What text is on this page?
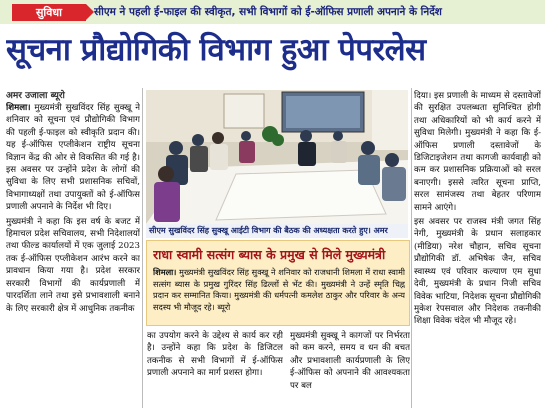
सुविधा	सीएम ने पहली ई-फाइल की स्वीकृत, सभी विभागों को ई-ऑफिस प्रणाली अपनाने के निर्देश
सूचना प्रौद्योगिकी विभाग हुआ पेपरलेस
अमर उजाला ब्यूरो

शिमला। मुख्यमंत्री सुखविंदर सिंह सुक्खू ने शनिवार को सूचना एवं प्रौद्योगिकी विभाग की पहली ई-फाइल को स्वीकृति प्रदान की। यह ई-ऑफिस एप्लीकेशन राष्ट्रीय सूचना विज्ञान केंद्र की ओर से विकसित की गई है। इस अवसर पर उन्होंने प्रदेश के लोगों की सुविधा के लिए सभी प्रशासनिक सचिवों, विभागाध्यक्षों तथा उपायुक्तों को ई-ऑफिस प्रणाली अपनाने के निर्देश भी दिए।

मुख्यमंत्री ने कहा कि इस वर्ष के बजट में हिमाचल प्रदेश सचिवालय, सभी निदेशालयों तथा फील्ड कार्यालयों में एक जुलाई 2023 तक ई-ऑफिस एप्लीकेशन आरंभ करने का प्रावधान किया गया है। प्रदेश सरकार सरकारी विभागों की कार्यप्रणाली में पारदर्शिता लाने तथा इसे प्रभावशाली बनाने के लिए सरकारी क्षेत्र में आधुनिक तकनीक

सीएम सुखविंदर सिंह सुक्खू आईटी विभाग की बैठक की अध्यक्षता करते हुए। अमर
राधा स्वामी सत्संग ब्यास के प्रमुख से मिले मुख्यमंत्री
शिमला। मुख्यमंत्री सुखविंदर सिंह सुक्खू ने शनिवार को राजधानी शिमला में राधा स्वामी सत्संग ब्यास के प्रमुख गुरिंदर सिंह ढिल्लों से भेंट की। मुख्यमंत्री ने उन्हें स्मृति चिह्न प्रदान कर सम्मानित किया। मुख्यमंत्री की धर्मपत्नी कमलेश ठाकुर और परिवार के अन्य सदस्य भी मौजूद रहे। ब्यूरो

का उपयोग करने के उद्देश्य से कार्य कर रही है। उन्होंने कहा कि प्रदेश के डिजिटल तकनीक से सभी विभागों में ई-ऑफिस प्रणाली अपनाने का मार्ग प्रशस्त होगा।

मुख्यमंत्री सुक्खू ने कागजों पर निर्भरता को कम करने, समय व धन की बचत और प्रभावशाली कार्यप्रणाली के लिए ई-ऑफिस को अपनाने की आवश्यकता पर बल

दिया। इस प्रणाली के माध्यम से दस्तावेजों की सुरक्षित उपलब्धता सुनिश्चित होगी तथा अधिकारियों को भी कार्य करने में सुविधा मिलेगी। मुख्यमंत्री ने कहा कि ई-ऑफिस प्रणाली दस्तावेजों के डिजिटाइजेशन तथा कागजी कार्यवाही को कम कर प्रशासनिक प्रक्रियाओं को सरल बनाएगी। इससे त्वरित सूचना प्राप्ति, सरल सामंजस्य तथा बेहतर परिणाम सामने आएंगे।

इस अवसर पर राजस्व मंत्री जगत सिंह नेगी, मुख्यमंत्री के प्रधान सलाहकार (मीडिया) नरेश चौहान, सचिव सूचना प्रौद्योगिकी डॉ. अभिषेक जैन, सचिव स्वास्थ्य एवं परिवार कल्याण एम सुधा देवी, मुख्यमंत्री के प्रधान निजी सचिव विवेक भाटिया, निदेशक सूचना प्रौद्योगिकी मुकेश रेपसवाल और निदेशक तकनीकी शिक्षा विवेक चंदेल भी मौजूद रहे।
